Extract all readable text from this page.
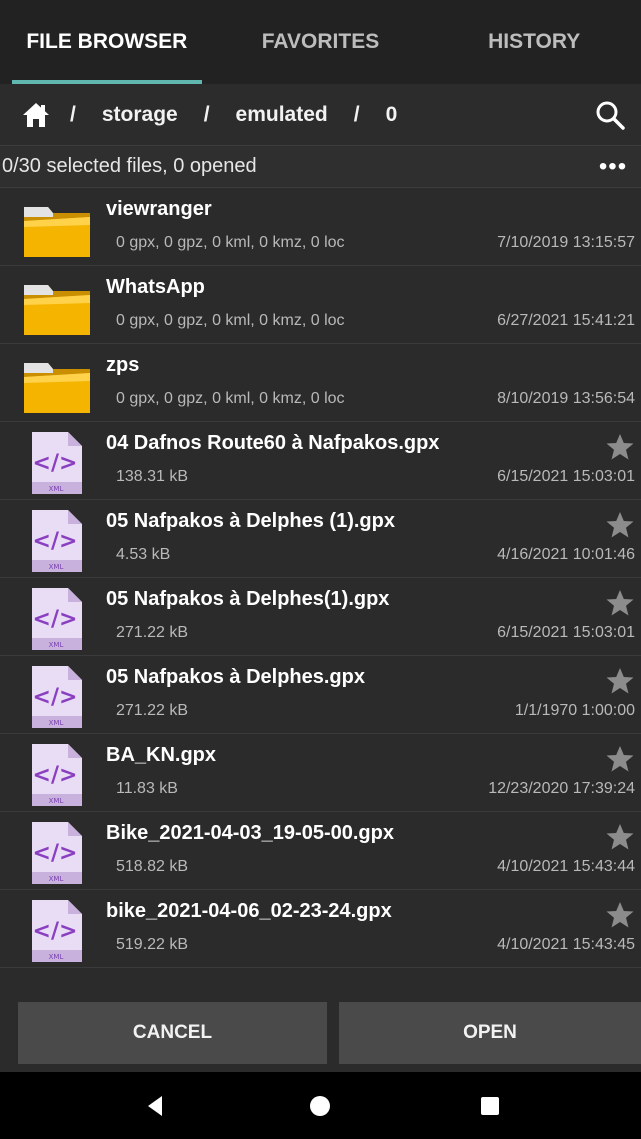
FILE BROWSER	FAVORITES	HISTORY
/ storage / emulated / 0
0/30 selected files, 0 opened	•••
viewranger
0 gpx, 0 gpz, 0 kml, 0 kmz, 0 loc	7/10/2019 13:15:57
WhatsApp
0 gpx, 0 gpz, 0 kml, 0 kmz, 0 loc	6/27/2021 15:41:21
zps
0 gpx, 0 gpz, 0 kml, 0 kmz, 0 loc	8/10/2019 13:56:54
</>
XML
04 Dafnos Route60 à Nafpakos.gpx
138.31 kB	6/15/2021 15:03:01
</>
XML
05 Nafpakos à Delphes (1).gpx
4.53 kB	4/16/2021 10:01:46
</>
XML
05 Nafpakos à Delphes(1).gpx
271.22 kB	6/15/2021 15:03:01
</>
XML
05 Nafpakos à Delphes.gpx
271.22 kB	1/1/1970 1:00:00
</>
XML
BA_KN.gpx
11.83 kB	12/23/2020 17:39:24
</>
XML
Bike_2021-04-03_19-05-00.gpx
518.82 kB	4/10/2021 15:43:44
</>
XML
bike_2021-04-06_02-23-24.gpx
519.22 kB	4/10/2021 15:43:45
CANCEL	OPEN
